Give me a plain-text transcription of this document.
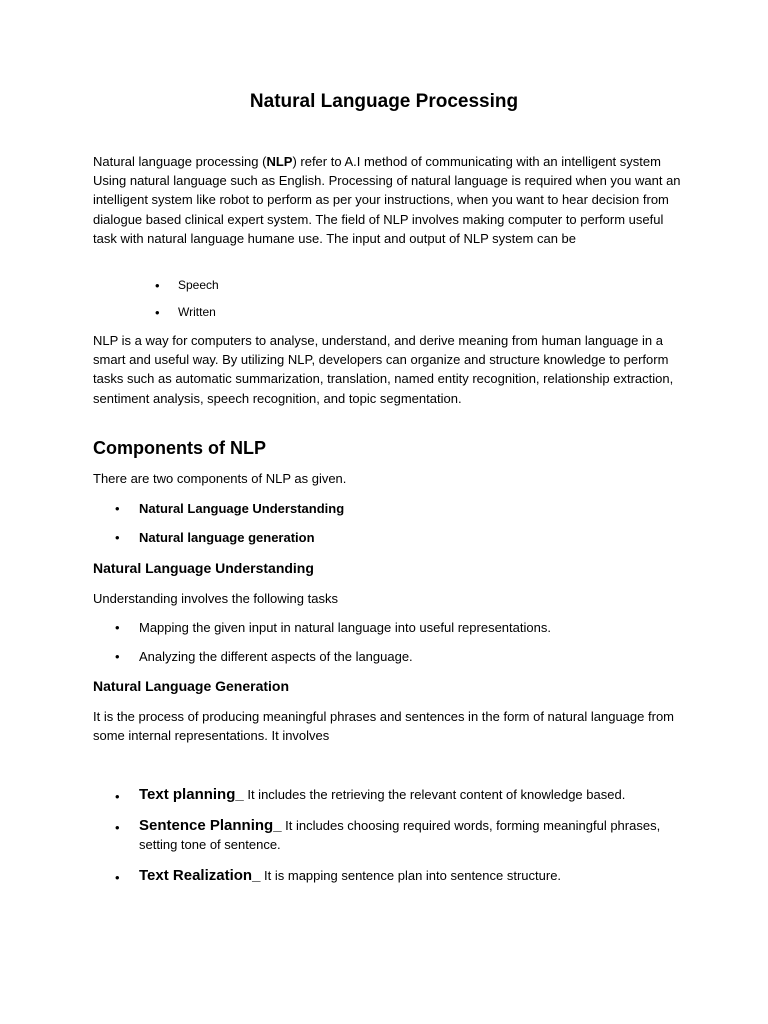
Natural Language Processing

Natural language processing (NLP) refer to A.I method of communicating with an intelligent system Using natural language such as English. Processing of natural language is required when you want an intelligent system like robot to perform as per your instructions, when you want to hear decision from dialogue based clinical expert system. The field of NLP involves making computer to perform useful task with natural language humane use. The input and output of NLP system can be

• Speech
• Written

NLP is a way for computers to analyse, understand, and derive meaning from human language in a smart and useful way. By utilizing NLP, developers can organize and structure knowledge to perform tasks such as automatic summarization, translation, named entity recognition, relationship extraction, sentiment analysis, speech recognition, and topic segmentation.

Components of NLP

There are two components of NLP as given.

• Natural Language Understanding
• Natural language generation
Natural Language Understanding

Understanding involves the following tasks

• Mapping the given input in natural language into useful representations.
• Analyzing the different aspects of the language.
Natural Language Generation

It is the process of producing meaningful phrases and sentences in the form of natural language from some internal representations. It involves

• Text planning_ It includes the retrieving the relevant content of knowledge based.
• Sentence Planning_ It includes choosing required words, forming meaningful phrases, setting tone of sentence.
• Text Realization_ It is mapping sentence plan into sentence structure.
